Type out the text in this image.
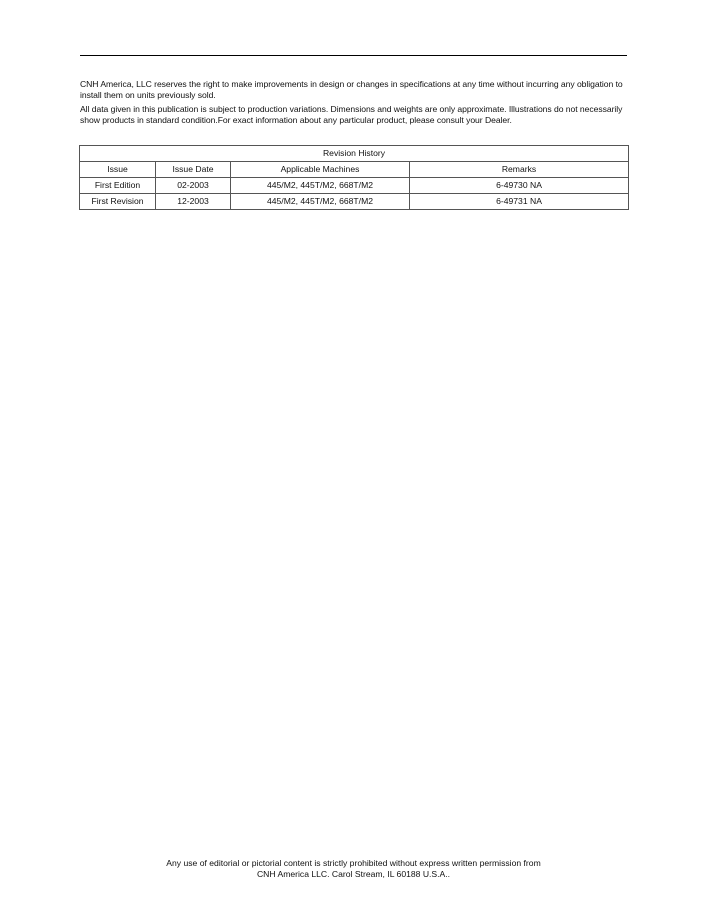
CNH America, LLC reserves the right to make improvements in design or changes in specifications at any time without incurring any obligation to install them on units previously sold.

All data given in this publication is subject to production variations. Dimensions and weights are only approximate. Illustrations do not necessarily show products in standard condition.For exact information about any particular product, please consult your Dealer.

Revision History			
Issue	Issue Date	Applicable Machines	Remarks
First Edition	02-2003	445/M2, 445T/M2, 668T/M2	6-49730 NA
First Revision	12-2003	445/M2, 445T/M2, 668T/M2	6-49731 NA
Any use of editorial or pictorial content is strictly prohibited without express written permission from
CNH America LLC. Carol Stream, IL 60188 U.S.A..
